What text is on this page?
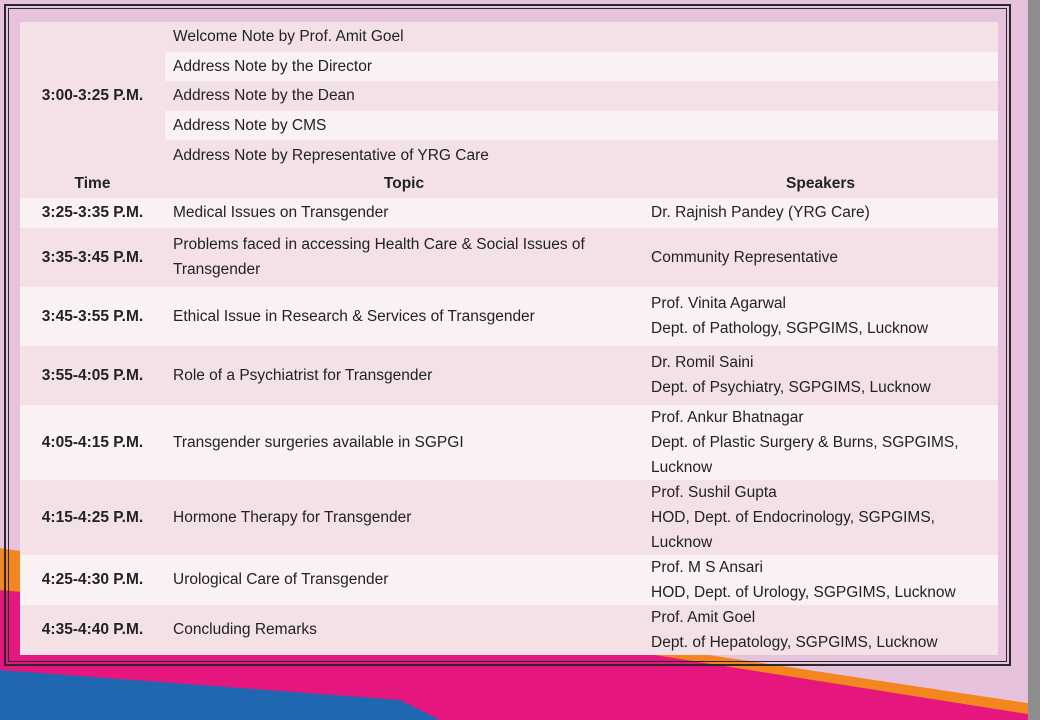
3:00-3:25 P.M.	Welcome Note by Prof. Amit Goel	
	Address Note by the Director	
	Address Note by the Dean	
	Address Note by CMS	
	Address Note by Representative of YRG Care	
Time	Topic	Speakers
3:25-3:35 P.M.	Medical Issues on Transgender	Dr. Rajnish Pandey (YRG Care)

3:35-3:45 P.M.	Problems faced in accessing Health Care & Social Issues of Transgender	Community Representative

3:45-3:55 P.M.	Ethical Issue in Research & Services of Transgender	Prof. Vinita Agarwal
Dept. of Pathology, SGPGIMS, Lucknow

3:55-4:05 P.M.	Role of a Psychiatrist for Transgender	Dr. Romil Saini
Dept. of Psychiatry, SGPGIMS, Lucknow

4:05-4:15 P.M.	Transgender surgeries available in SGPGI	Prof. Ankur Bhatnagar
Dept. of Plastic Surgery & Burns, SGPGIMS, Lucknow

4:15-4:25 P.M.	Hormone Therapy for Transgender	Prof. Sushil Gupta
HOD, Dept. of Endocrinology, SGPGIMS, Lucknow

4:25-4:30 P.M.	Urological Care of Transgender	Prof. M S Ansari
HOD, Dept. of Urology, SGPGIMS, Lucknow

4:35-4:40 P.M.	Concluding Remarks	Prof. Amit Goel
Dept. of Hepatology, SGPGIMS, Lucknow
